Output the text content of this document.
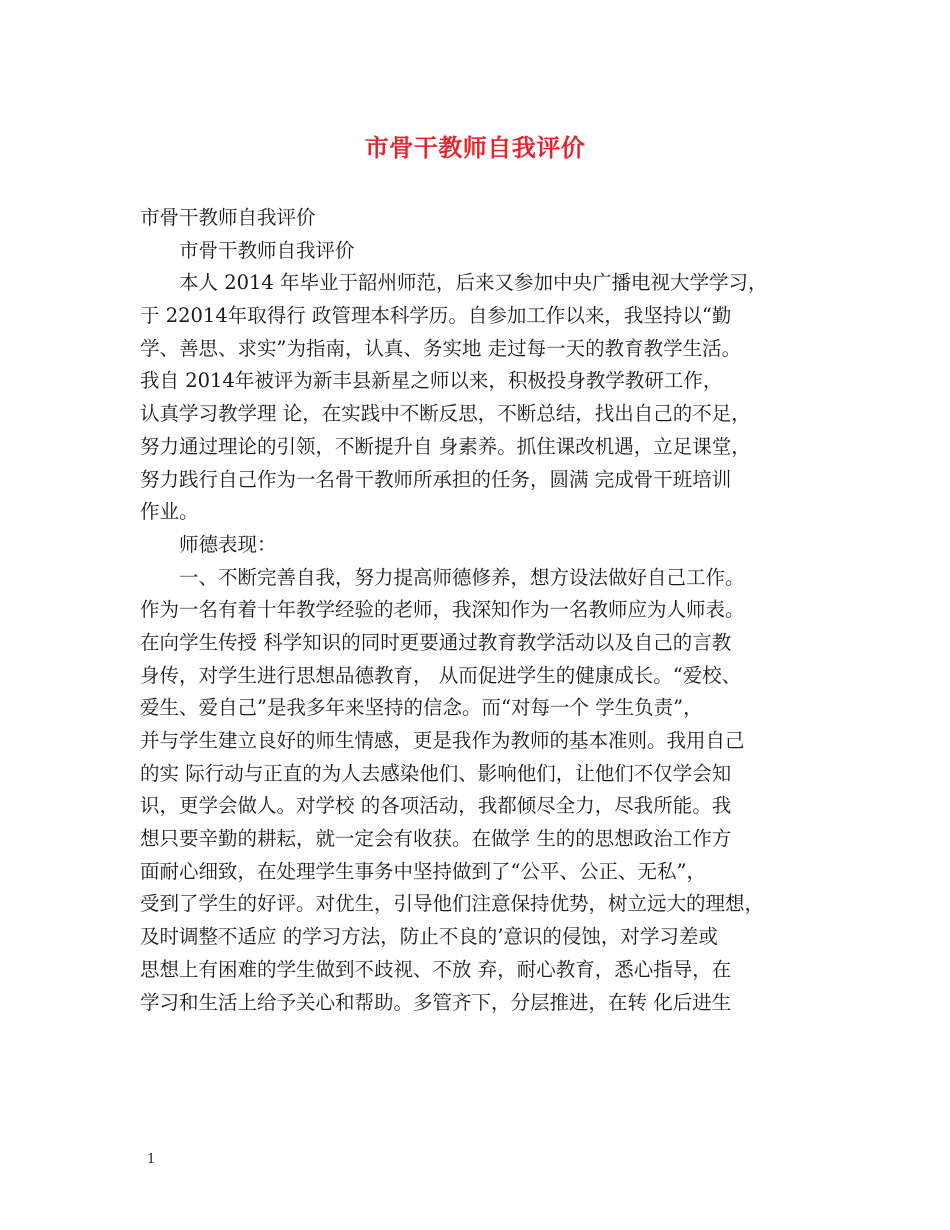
市骨干教师自我评价
市骨干教师自我评价
市骨干教师自我评价
本人 2014 年毕业于韶州师范，后来又参加中央广播电视大学学习，
于 22014年取得行 政管理本科学历。自参加工作以来，我坚持以“勤
学、善思、求实”为指南，认真、务实地 走过每一天的教育教学生活。
我自 2014年被评为新丰县新星之师以来，积极投身教学教研工作，
认真学习教学理 论，在实践中不断反思，不断总结，找出自己的不足，
努力通过理论的引领，不断提升自 身素养。抓住课改机遇，立足课堂，
努力践行自己作为一名骨干教师所承担的任务，圆满 完成骨干班培训
作业。
师德表现：
一、不断完善自我，努力提高师德修养，想方设法做好自己工作。
作为一名有着十年教学经验的老师，我深知作为一名教师应为人师表。
在向学生传授 科学知识的同时更要通过教育教学活动以及自己的言教
身传，对学生进行思想品德教育， 从而促进学生的健康成长。“爱校、
爱生、爱自己”是我多年来坚持的信念。而“对每一个 学生负责”，
并与学生建立良好的师生情感，更是我作为教师的基本准则。我用自己
的实 际行动与正直的为人去感染他们、影响他们，让他们不仅学会知
识，更学会做人。对学校 的各项活动，我都倾尽全力，尽我所能。我
想只要辛勤的耕耘，就一定会有收获。在做学 生的的思想政治工作方
面耐心细致，在处理学生事务中坚持做到了“公平、公正、无私”，
受到了学生的好评。对优生，引导他们注意保持优势，树立远大的理想，
及时调整不适应 的学习方法，防止不良的’意识的侵蚀，对学习差或
思想上有困难的学生做到不歧视、不放 弃，耐心教育，悉心指导，在
学习和生活上给予关心和帮助。多管齐下，分层推进，在转 化后进生
1
